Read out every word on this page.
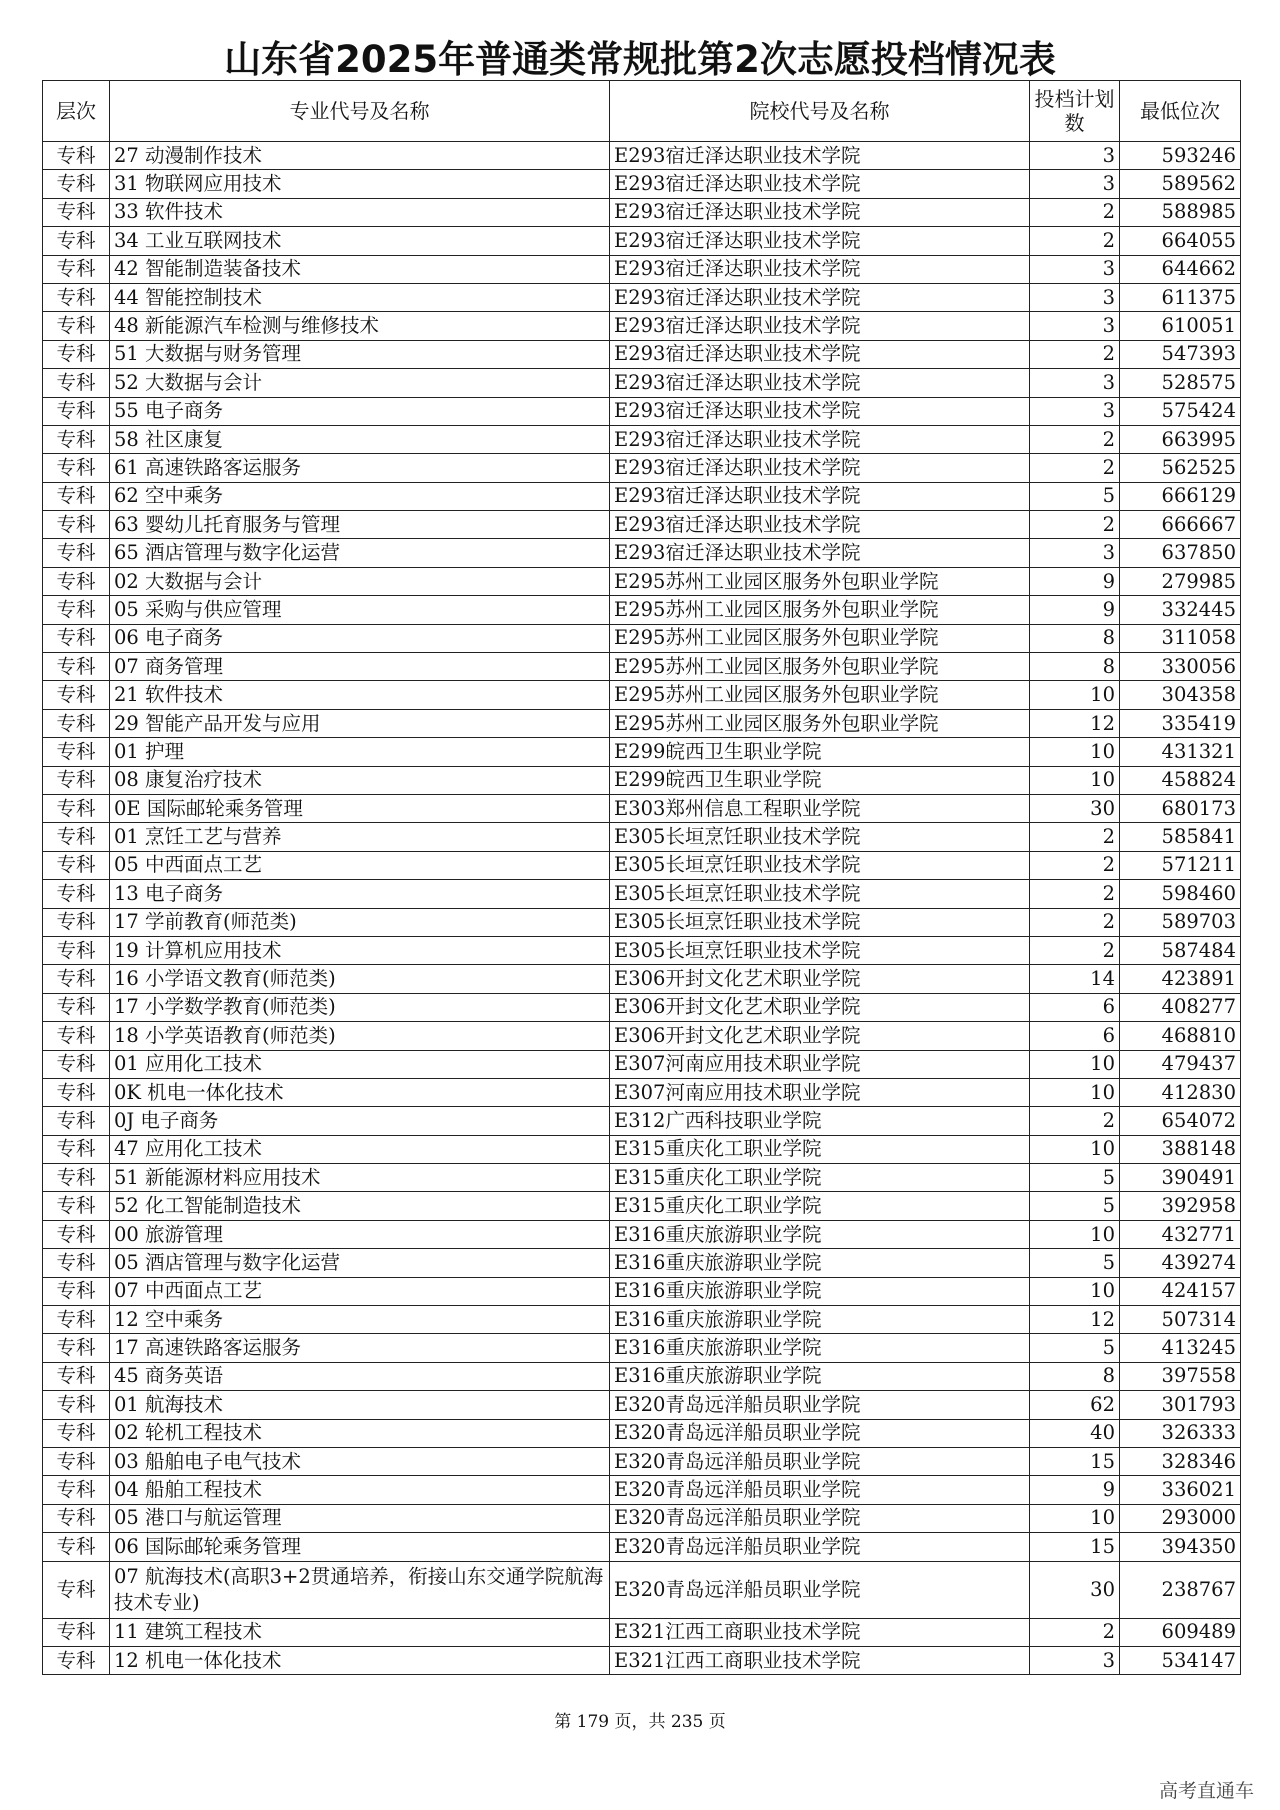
山东省2025年普通类常规批第2次志愿投档情况表
层次	专业代号及名称	院校代号及名称	投档计划数	最低位次
专科	27 动漫制作技术	E293宿迁泽达职业技术学院	3	593246
专科	31 物联网应用技术	E293宿迁泽达职业技术学院	3	589562
专科	33 软件技术	E293宿迁泽达职业技术学院	2	588985
专科	34 工业互联网技术	E293宿迁泽达职业技术学院	2	664055
专科	42 智能制造装备技术	E293宿迁泽达职业技术学院	3	644662
专科	44 智能控制技术	E293宿迁泽达职业技术学院	3	611375
专科	48 新能源汽车检测与维修技术	E293宿迁泽达职业技术学院	3	610051
专科	51 大数据与财务管理	E293宿迁泽达职业技术学院	2	547393
专科	52 大数据与会计	E293宿迁泽达职业技术学院	3	528575
专科	55 电子商务	E293宿迁泽达职业技术学院	3	575424
专科	58 社区康复	E293宿迁泽达职业技术学院	2	663995
专科	61 高速铁路客运服务	E293宿迁泽达职业技术学院	2	562525
专科	62 空中乘务	E293宿迁泽达职业技术学院	5	666129
专科	63 婴幼儿托育服务与管理	E293宿迁泽达职业技术学院	2	666667
专科	65 酒店管理与数字化运营	E293宿迁泽达职业技术学院	3	637850
专科	02 大数据与会计	E295苏州工业园区服务外包职业学院	9	279985
专科	05 采购与供应管理	E295苏州工业园区服务外包职业学院	9	332445
专科	06 电子商务	E295苏州工业园区服务外包职业学院	8	311058
专科	07 商务管理	E295苏州工业园区服务外包职业学院	8	330056
专科	21 软件技术	E295苏州工业园区服务外包职业学院	10	304358
专科	29 智能产品开发与应用	E295苏州工业园区服务外包职业学院	12	335419
专科	01 护理	E299皖西卫生职业学院	10	431321
专科	08 康复治疗技术	E299皖西卫生职业学院	10	458824
专科	0E 国际邮轮乘务管理	E303郑州信息工程职业学院	30	680173
专科	01 烹饪工艺与营养	E305长垣烹饪职业技术学院	2	585841
专科	05 中西面点工艺	E305长垣烹饪职业技术学院	2	571211
专科	13 电子商务	E305长垣烹饪职业技术学院	2	598460
专科	17 学前教育(师范类)	E305长垣烹饪职业技术学院	2	589703
专科	19 计算机应用技术	E305长垣烹饪职业技术学院	2	587484
专科	16 小学语文教育(师范类)	E306开封文化艺术职业学院	14	423891
专科	17 小学数学教育(师范类)	E306开封文化艺术职业学院	6	408277
专科	18 小学英语教育(师范类)	E306开封文化艺术职业学院	6	468810
专科	01 应用化工技术	E307河南应用技术职业学院	10	479437
专科	0K 机电一体化技术	E307河南应用技术职业学院	10	412830
专科	0J 电子商务	E312广西科技职业学院	2	654072
专科	47 应用化工技术	E315重庆化工职业学院	10	388148
专科	51 新能源材料应用技术	E315重庆化工职业学院	5	390491
专科	52 化工智能制造技术	E315重庆化工职业学院	5	392958
专科	00 旅游管理	E316重庆旅游职业学院	10	432771
专科	05 酒店管理与数字化运营	E316重庆旅游职业学院	5	439274
专科	07 中西面点工艺	E316重庆旅游职业学院	10	424157
专科	12 空中乘务	E316重庆旅游职业学院	12	507314
专科	17 高速铁路客运服务	E316重庆旅游职业学院	5	413245
专科	45 商务英语	E316重庆旅游职业学院	8	397558
专科	01 航海技术	E320青岛远洋船员职业学院	62	301793
专科	02 轮机工程技术	E320青岛远洋船员职业学院	40	326333
专科	03 船舶电子电气技术	E320青岛远洋船员职业学院	15	328346
专科	04 船舶工程技术	E320青岛远洋船员职业学院	9	336021
专科	05 港口与航运管理	E320青岛远洋船员职业学院	10	293000
专科	06 国际邮轮乘务管理	E320青岛远洋船员职业学院	15	394350
专科	07 航海技术(高职3+2贯通培养，衔接山东交通学院航海技术专业)	E320青岛远洋船员职业学院	30	238767
专科	11 建筑工程技术	E321江西工商职业技术学院	2	609489
专科	12 机电一体化技术	E321江西工商职业技术学院	3	534147
第 179 页，共 235 页
高考直通车
